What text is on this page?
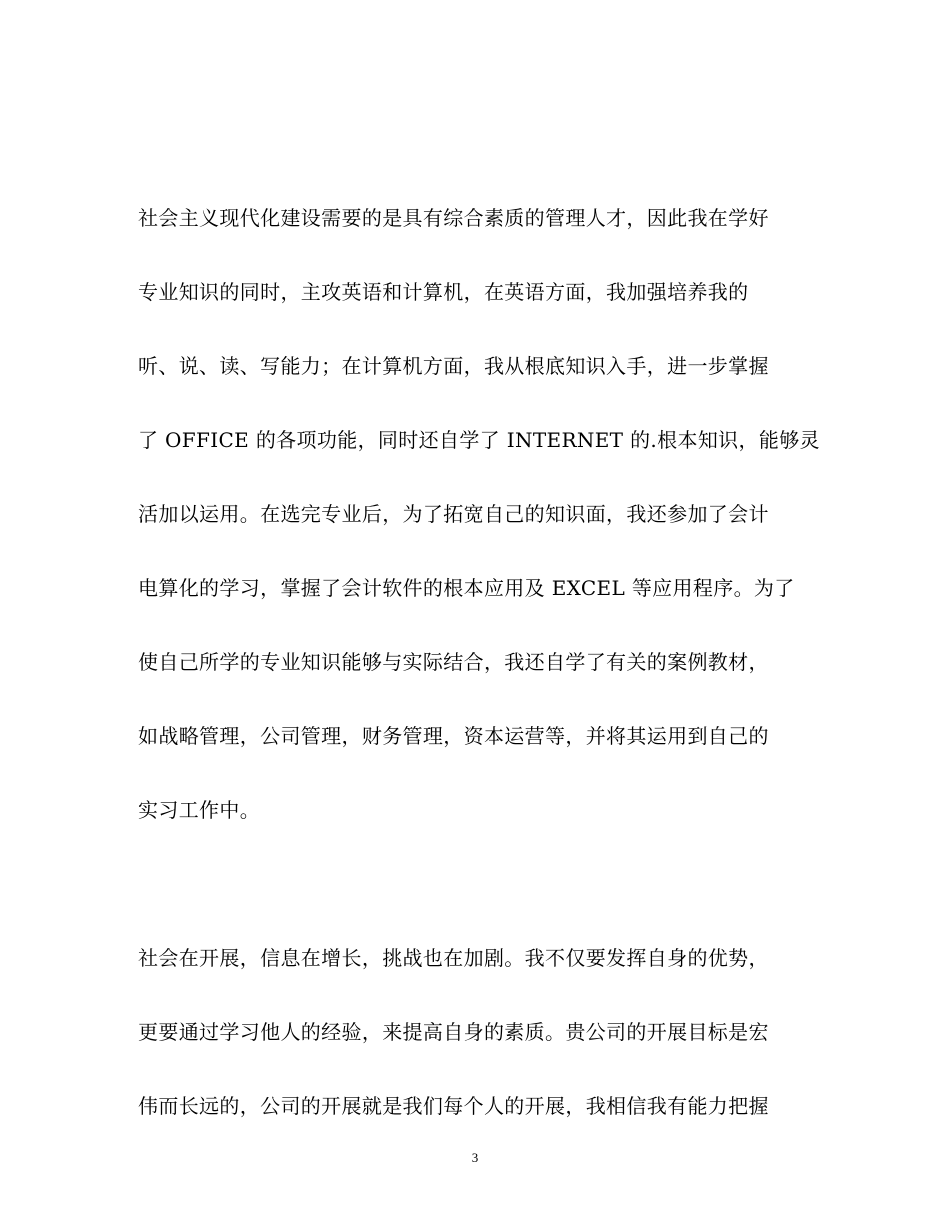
社会主义现代化建设需要的是具有综合素质的管理人才，因此我在学好
专业知识的同时，主攻英语和计算机，在英语方面，我加强培养我的
听、说、读、写能力；在计算机方面，我从根底知识入手，进一步掌握
了 OFFICE 的各项功能，同时还自学了 INTERNET 的.根本知识，能够灵
活加以运用。在选完专业后，为了拓宽自己的知识面，我还参加了会计
电算化的学习，掌握了会计软件的根本应用及 EXCEL 等应用程序。为了
使自己所学的专业知识能够与实际结合，我还自学了有关的案例教材，
如战略管理，公司管理，财务管理，资本运营等，并将其运用到自己的
实习工作中。
社会在开展，信息在增长，挑战也在加剧。我不仅要发挥自身的优势，
更要通过学习他人的经验，来提高自身的素质。贵公司的开展目标是宏
伟而长远的，公司的开展就是我们每个人的开展，我相信我有能力把握
3
